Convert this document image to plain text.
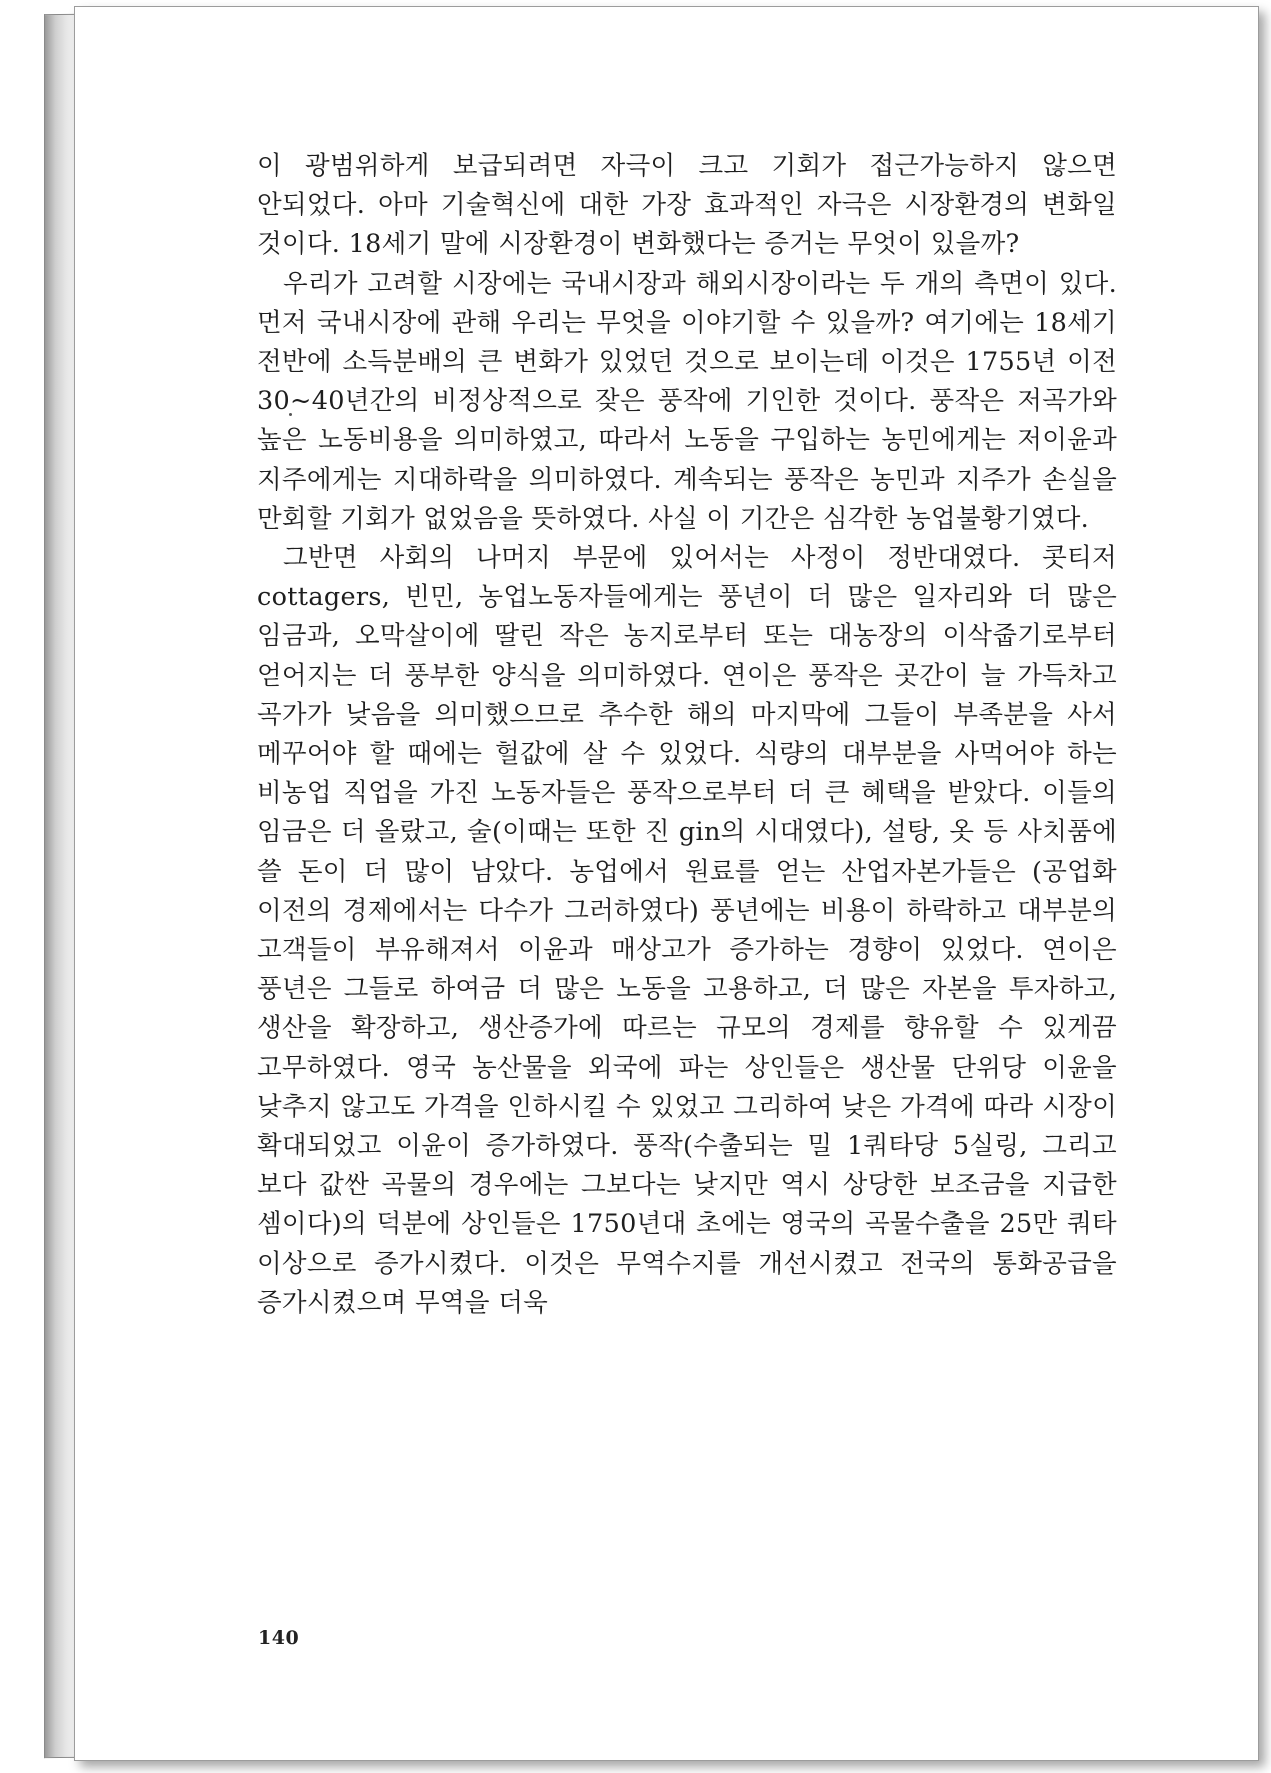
이 광범위하게 보급되려면 자극이 크고 기회가 접근가능하지 않으면 안되었다. 아마 기술혁신에 대한 가장 효과적인 자극은 시장환경의 변화일 것이다. 18세기 말에 시장환경이 변화했다는 증거는 무엇이 있을까?

우리가 고려할 시장에는 국내시장과 해외시장이라는 두 개의 측면이 있다. 먼저 국내시장에 관해 우리는 무엇을 이야기할 수 있을까? 여기에는 18세기 전반에 소득분배의 큰 변화가 있었던 것으로 보이는데 이것은 1755년 이전 30~40년간의 비정상적으로 잦은 풍작에 기인한 것이다. 풍작은 저곡가와 높은 노동비용을 의미하였고, 따라서 노동을 구입하는 농민에게는 저이윤과 지주에게는 지대하락을 의미하였다. 계속되는 풍작은 농민과 지주가 손실을 만회할 기회가 없었음을 뜻하였다. 사실 이 기간은 심각한 농업불황기였다.

그반면 사회의 나머지 부문에 있어서는 사정이 정반대였다. 콧티저 cottagers, 빈민, 농업노동자들에게는 풍년이 더 많은 일자리와 더 많은 임금과, 오막살이에 딸린 작은 농지로부터 또는 대농장의 이삭줍기로부터 얻어지는 더 풍부한 양식을 의미하였다. 연이은 풍작은 곳간이 늘 가득차고 곡가가 낮음을 의미했으므로 추수한 해의 마지막에 그들이 부족분을 사서 메꾸어야 할 때에는 헐값에 살 수 있었다. 식량의 대부분을 사먹어야 하는 비농업 직업을 가진 노동자들은 풍작으로부터 더 큰 혜택을 받았다. 이들의 임금은 더 올랐고, 술(이때는 또한 진 gin의 시대였다), 설탕, 옷 등 사치품에 쓸 돈이 더 많이 남았다. 농업에서 원료를 얻는 산업자본가들은 (공업화 이전의 경제에서는 다수가 그러하였다) 풍년에는 비용이 하락하고 대부분의 고객들이 부유해져서 이윤과 매상고가 증가하는 경향이 있었다. 연이은 풍년은 그들로 하여금 더 많은 노동을 고용하고, 더 많은 자본을 투자하고, 생산을 확장하고, 생산증가에 따르는 규모의 경제를 향유할 수 있게끔 고무하였다. 영국 농산물을 외국에 파는 상인들은 생산물 단위당 이윤을 낮추지 않고도 가격을 인하시킬 수 있었고 그리하여 낮은 가격에 따라 시장이 확대되었고 이윤이 증가하였다. 풍작(수출되는 밀 1쿼타당 5실링, 그리고 보다 값싼 곡물의 경우에는 그보다는 낮지만 역시 상당한 보조금을 지급한 셈이다)의 덕분에 상인들은 1750년대 초에는 영국의 곡물수출을 25만 쿼타 이상으로 증가시켰다. 이것은 무역수지를 개선시켰고 전국의 통화공급을 증가시켰으며 무역을 더욱

140
